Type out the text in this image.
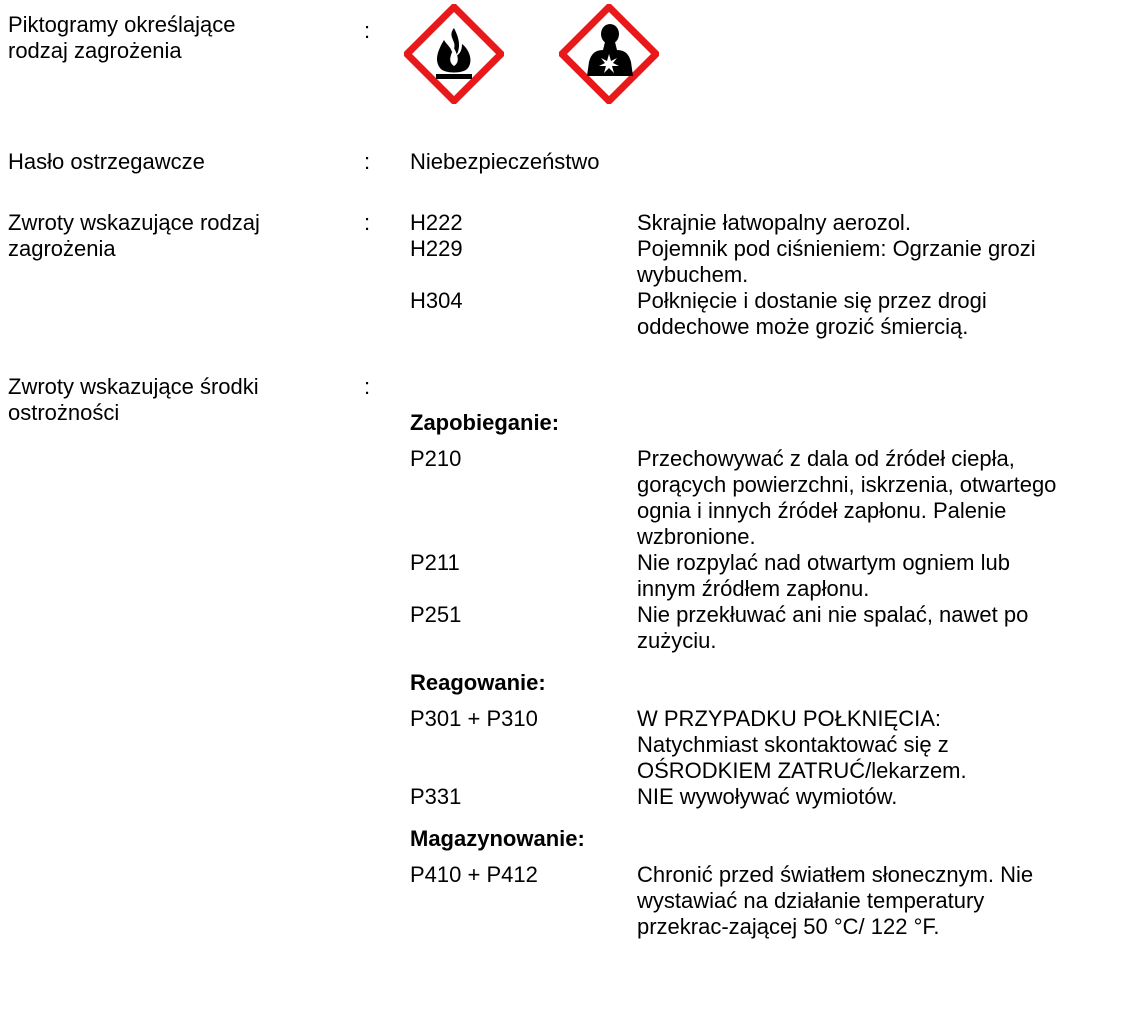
Piktogramy określające
rodzaj zagrożenia
:
Hasło ostrzegawcze	: Niebezpieczeństwo
Zwroty wskazujące rodzaj
zagrożenia
: H222	Skrajnie łatwopalny aerozol.
H229	Pojemnik pod ciśnieniem: Ogrzanie grozi
wybuchem.
H304	Połknięcie i dostanie się przez drogi
oddechowe może grozić śmiercią.
Zwroty wskazujące środki
ostrożności
:
Zapobieganie:
P210	Przechowywać z dala od źródeł ciepła,
gorących powierzchni, iskrzenia, otwartego
ognia i innych źródeł zapłonu. Palenie
wzbronione.
P211	Nie rozpylać nad otwartym ogniem lub
innym źródłem zapłonu.
P251	Nie przekłuwać ani nie spalać, nawet po
zużyciu.
Reagowanie:
P301 + P310	W PRZYPADKU POŁKNIĘCIA:
Natychmiast skontaktować się z
OŚRODKIEM ZATRUĆ/lekarzem.
P331	NIE wywoływać wymiotów.
Magazynowanie:
P410 + P412	Chronić przed światłem słonecznym. Nie
wystawiać na działanie temperatury
przekrac-zającej 50 °C/ 122 °F.
